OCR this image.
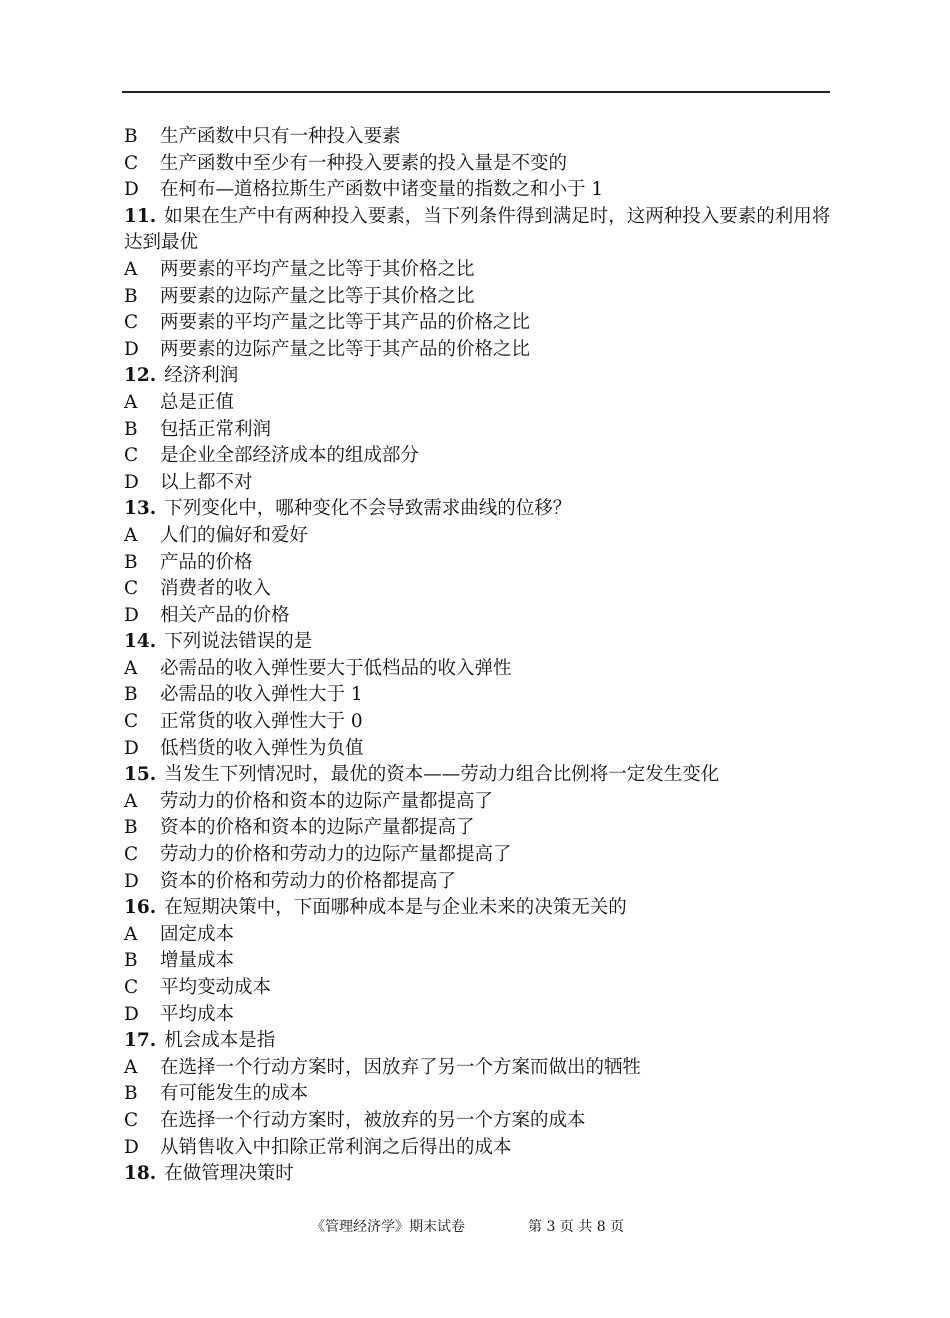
B	生产函数中只有一种投入要素
C	生产函数中至少有一种投入要素的投入量是不变的
D	在柯布—道格拉斯生产函数中诸变量的指数之和小于 1
11. 如果在生产中有两种投入要素，当下列条件得到满足时，这两种投入要素的利用将达到最优
A	两要素的平均产量之比等于其价格之比
B	两要素的边际产量之比等于其价格之比
C	两要素的平均产量之比等于其产品的价格之比
D	两要素的边际产量之比等于其产品的价格之比
12. 经济利润
A	总是正值
B	包括正常利润
C	是企业全部经济成本的组成部分
D	以上都不对
13. 下列变化中，哪种变化不会导致需求曲线的位移？
A	人们的偏好和爱好
B	产品的价格
C	消费者的收入
D	相关产品的价格
14. 下列说法错误的是
A	必需品的收入弹性要大于低档品的收入弹性
B	必需品的收入弹性大于 1
C	正常货的收入弹性大于 0
D	低档货的收入弹性为负值
15. 当发生下列情况时，最优的资本——劳动力组合比例将一定发生变化
A	劳动力的价格和资本的边际产量都提高了
B	资本的价格和资本的边际产量都提高了
C	劳动力的价格和劳动力的边际产量都提高了
D	资本的价格和劳动力的价格都提高了
16. 在短期决策中，下面哪种成本是与企业未来的决策无关的
A	固定成本
B	增量成本
C	平均变动成本
D	平均成本
17. 机会成本是指
A	在选择一个行动方案时，因放弃了另一个方案而做出的牺牲
B	有可能发生的成本
C	在选择一个行动方案时，被放弃的另一个方案的成本
D	从销售收入中扣除正常利润之后得出的成本
18. 在做管理决策时
《管理经济学》期末试卷	第 3 页 共 8 页
